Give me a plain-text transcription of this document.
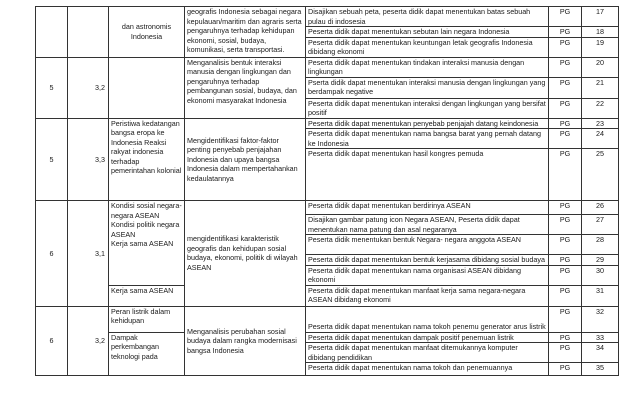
		dan astronomis Indonesia	geografis Indonesia sebagai negara kepulauan/maritim dan agraris serta pengaruhnya terhadap kehidupan ekonomi, sosial, budaya, komunikasi, serta transportasi.	Disajikan sebuah peta, peserta didik dapat menentukan batas sebuah pulau di indosesia	PG	17
				Peserta didik dapat menentukan sebutan lain negara Indonesia	PG	18
				Peserta didik dapat menentukan keuntungan letak geografis Indonesia dibidang ekonomi	PG	19
5	3,2		Menganalisis bentuk interaksi manusia dengan lingkungan dan pengaruhnya terhadap pembangunan sosial, budaya, dan ekonomi masyarakat Indonesia	Peserta didik dapat menentukan tindakan interaksi manusia dengan lingkungan	PG	20
				Pserta didik dapat menentukan interaksi manusia dengan lingkungan yang berdampak negative	PG	21
				Peserta didik dapat menentukan interaksi dengan lingkungan yang bersifat positif	PG	22
5	3,3	Peristiwa kedatangan bangsa eropa ke Indonesia Reaksi rakyat indonesia terhadap pemerintahan kolonial	Mengidentifikasi faktor-faktor penting penyebab penjajahan Indonesia dan upaya bangsa Indonesia dalam mempertahankan kedaulatannya	Peserta didik dapat menentukan penyebab penjajah datang keindonesia	PG	23
				Peserta didik dapat menentukan nama bangsa barat yang pernah datang ke Indonesia	PG	24
				Peserta didik dapat menentukan hasil kongres pemuda	PG	25
6	3,1	Kondisi sosial negara-negara ASEAN
Kondisi politik negara ASEAN
Kerja sama ASEAN	mengidentifikasi karakteristik geografis dan kehidupan sosial budaya, ekonomi, politik di wilayah ASEAN	Peserta didik dapat menentukan berdirinya ASEAN	PG	26
				Disajikan gambar patung icon Negara ASEAN, Peserta didik dapat menentukan nama patung dan asal negaranya	PG	27
				Peserta didik menentukan bentuk Negara- negara anggota ASEAN	PG	28
				Peserta didik dapat menentukan bentuk kerjasama dibidang sosial budaya	PG	29
				Peserta didik dapat menentukan nama organisasi ASEAN dibidang ekonomi	PG	30

		Kerja sama ASEAN		Peserta didik dapat menentukan manfaat kerja sama negara-negara ASEAN dibidang ekonomi	PG	31
6	3,2	Peran listrik dalam kehidupan	Menganalisis perubahan sosial budaya dalam rangka modernisasi bangsa Indonesia	Peserta didik dapat menentukan nama tokoh penemu generator arus listrik	PG	32
		Dampak perkembangan teknologi pada		Peserta didik dapat menentukan dampak positif penemuan listrik	PG	33
				Peserta didik dapat menentukan manfaat ditemukannya komputer dibidang pendidikan	PG	34
				Peserta didik dapat menentukan nama tokoh dan penemuannya	PG	35
